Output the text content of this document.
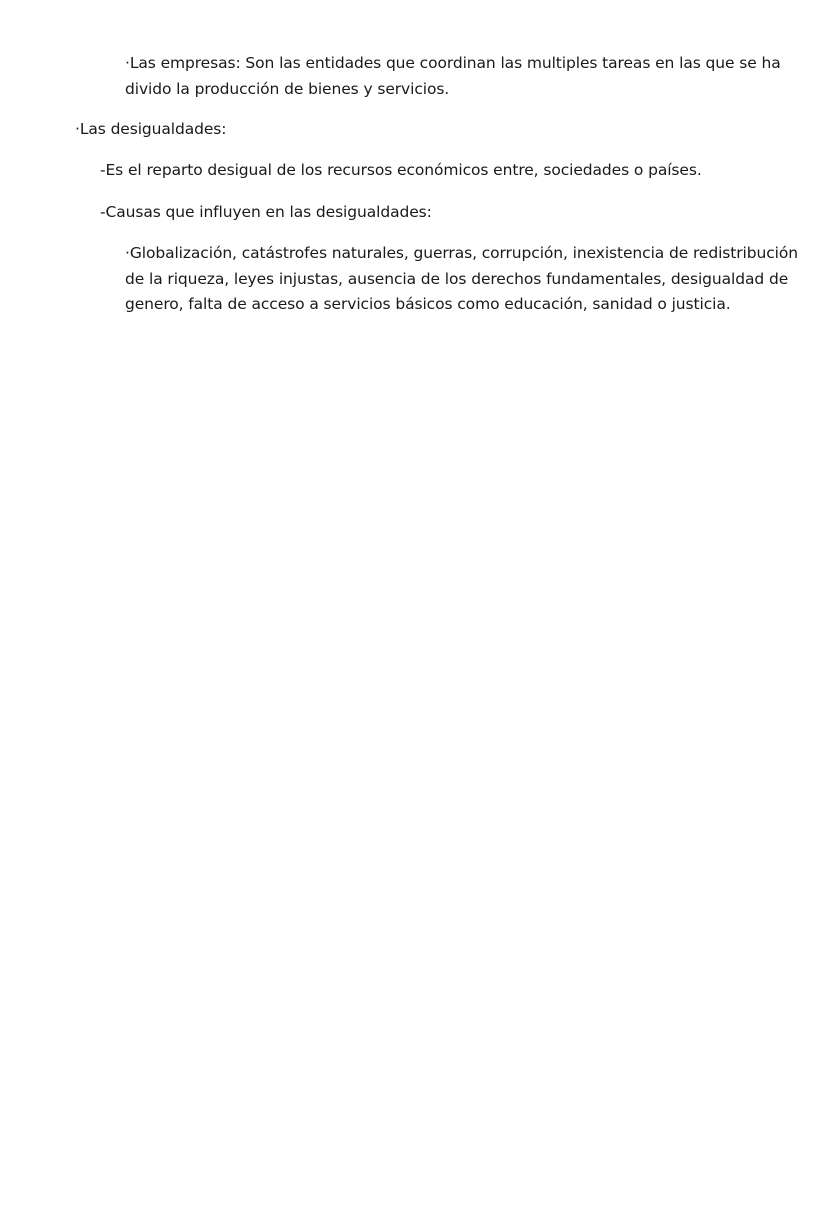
·Las empresas: Son las entidades que coordinan las multiples tareas en las que se ha divido la producción de bienes y servicios.

·Las desigualdades:

-Es el reparto desigual de los recursos económicos entre, sociedades o países.

-Causas que influyen en las desigualdades:

·Globalización, catástrofes naturales, guerras, corrupción, inexistencia de redistribución de la riqueza, leyes injustas, ausencia de los derechos fundamentales, desigualdad de genero, falta de acceso a servicios básicos como educación, sanidad o justicia.
